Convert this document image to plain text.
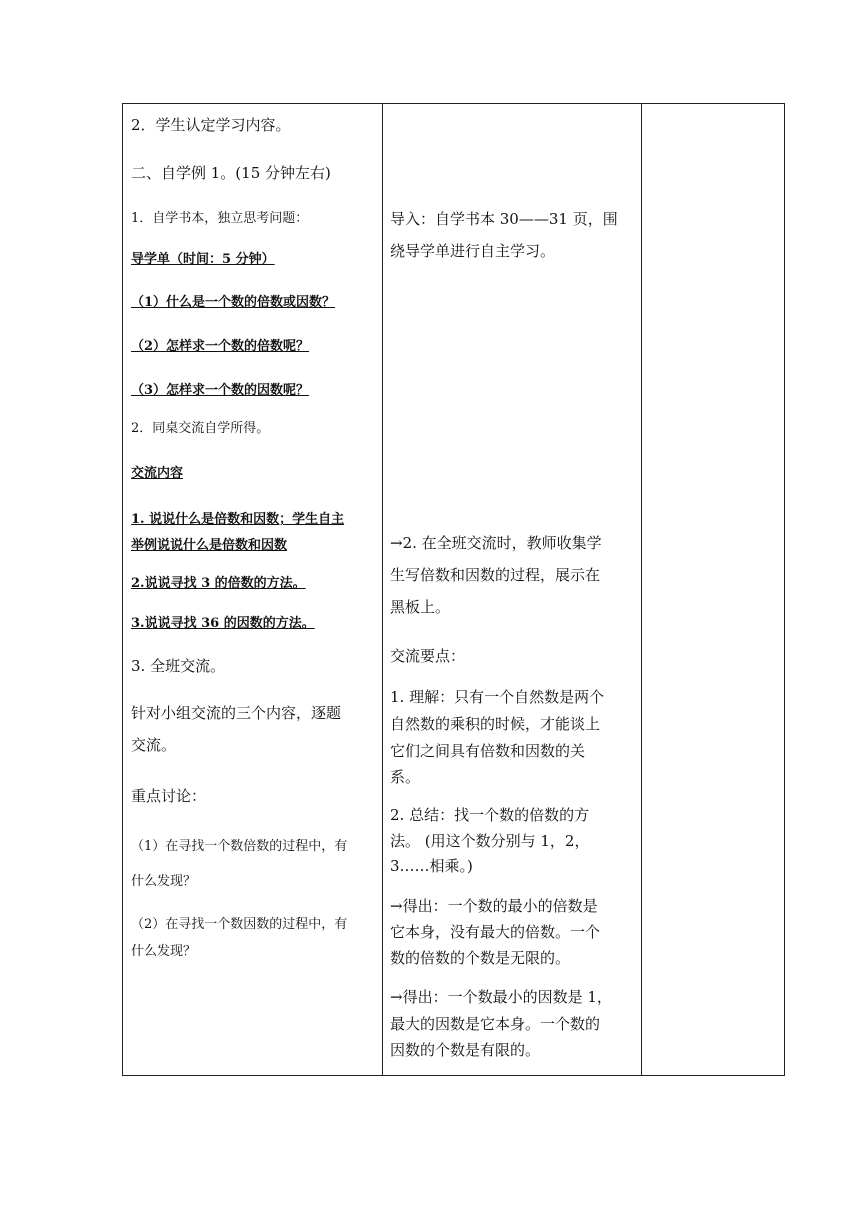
2．学生认定学习内容。
二、自学例 1。(15 分钟左右)
1．自学书本，独立思考问题：
导学单（时间：5 分钟）
（1）什么是一个数的倍数或因数？
（2）怎样求一个数的倍数呢？
（3）怎样求一个数的因数呢？
2．同桌交流自学所得。
交流内容
1. 说说什么是倍数和因数；学生自主
举例说说什么是倍数和因数
2.说说寻找 3 的倍数的方法。
3.说说寻找 36 的因数的方法。
3. 全班交流。
针对小组交流的三个内容，逐题
交流。
重点讨论：
（1）在寻找一个数倍数的过程中，有
什么发现？
（2）在寻找一个数因数的过程中，有
什么发现？
导入：自学书本 30——31 页，围
绕导学单进行自主学习。
→2. 在全班交流时，教师收集学
生写倍数和因数的过程，展示在
黑板上。
交流要点：
1. 理解：只有一个自然数是两个
自然数的乘积的时候，才能谈上
它们之间具有倍数和因数的关
系。
2. 总结：找一个数的倍数的方
法。 (用这个数分别与 1，2，
3……相乘。)
→得出：一个数的最小的倍数是
它本身，没有最大的倍数。一个
数的倍数的个数是无限的。
→得出：一个数最小的因数是 1，
最大的因数是它本身。一个数的
因数的个数是有限的。
